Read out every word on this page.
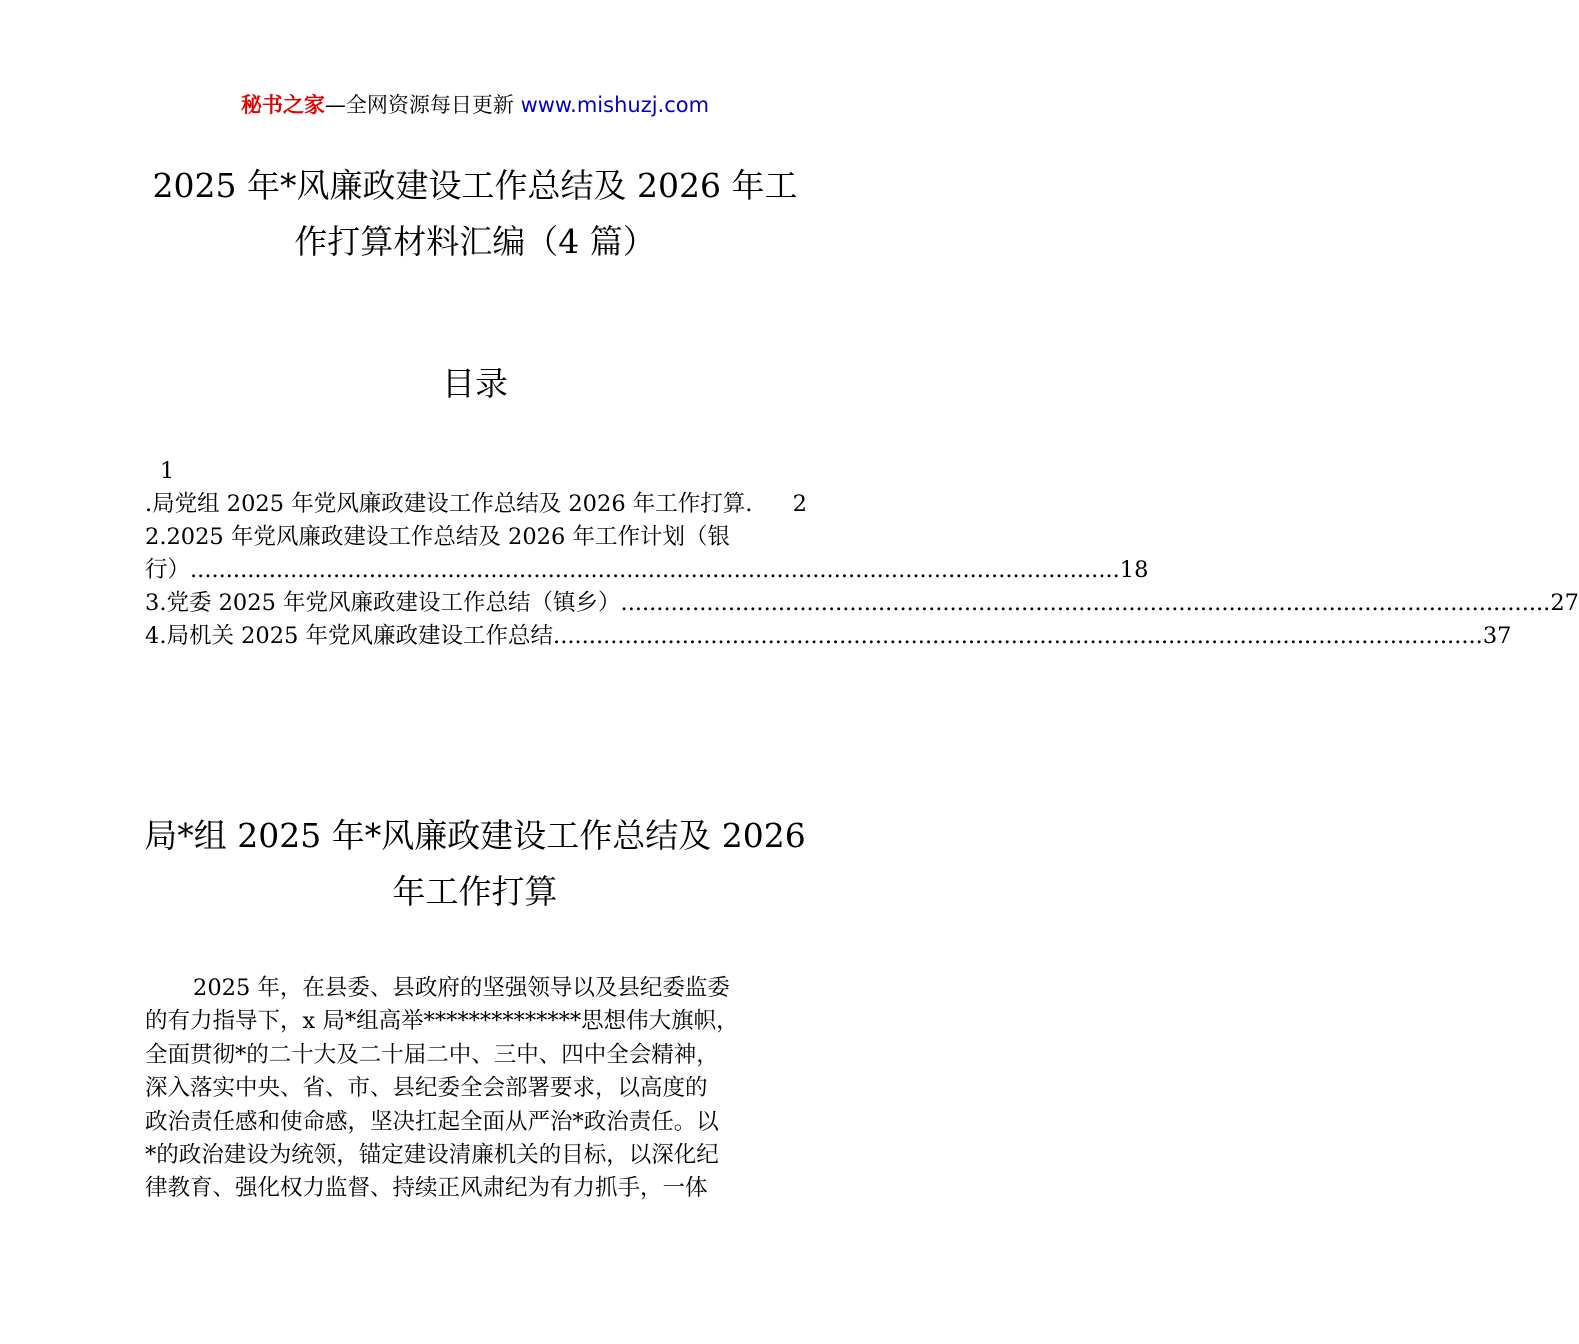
秘书之家—全网资源每日更新 www.mishuzj.com
2025 年*风廉政建设工作总结及 2026 年工
作打算材料汇编（4 篇）
目录
1
.局党组 2025 年党风廉政建设工作总结及 2026 年工作打算. 2
2.2025 年党风廉政建设工作总结及 2026 年工作计划（银
行） .................................................................................................................................. 18
3.党委 2025 年党风廉政建设工作总结（镇乡） .................................................................................................................................. 27
4.局机关 2025 年党风廉政建设工作总结 .................................................................................................................................. 37
局*组 2025 年*风廉政建设工作总结及 2026
年工作打算
2025 年，在县委、县政府的坚强领导以及县纪委监委
的有力指导下，x 局*组高举**************思想伟大旗帜，
全面贯彻*的二十大及二十届二中、三中、四中全会精神，
深入落实中央、省、市、县纪委全会部署要求，以高度的
政治责任感和使命感，坚决扛起全面从严治*政治责任。以
*的政治建设为统领，锚定建设清廉机关的目标，以深化纪
律教育、强化权力监督、持续正风肃纪为有力抓手，一体
